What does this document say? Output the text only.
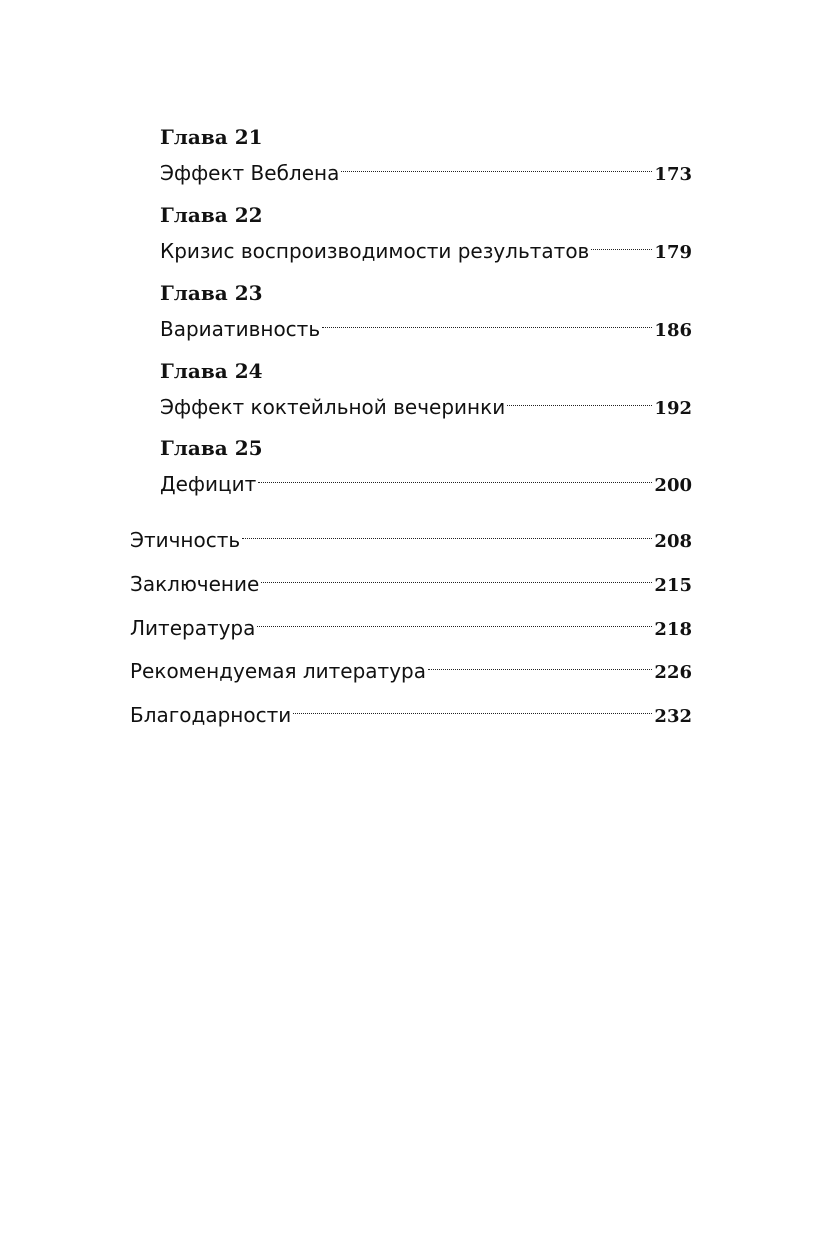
Глава 21
Эффект Веблена	173
Глава 22
Кризис воспроизводимости результатов	179
Глава 23
Вариативность	186
Глава 24
Эффект коктейльной вечеринки	192
Глава 25
Дефицит	200
Этичность	208
Заключение	215
Литература	218
Рекомендуемая литература	226
Благодарности	232
